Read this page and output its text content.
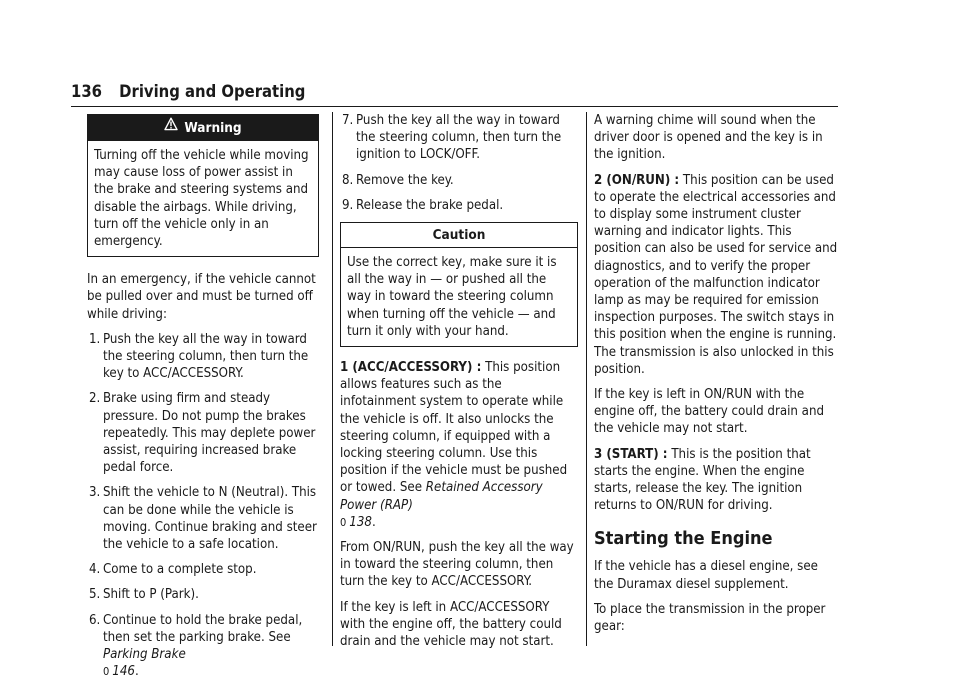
136 Driving and Operating
Warning
Turning off the vehicle while moving may cause loss of power assist in the brake and steering systems and disable the airbags. While driving, turn off the vehicle only in an emergency.

In an emergency, if the vehicle cannot be pulled over and must be turned off while driving:

1. Push the key all the way in toward the steering column, then turn the key to ACC/ACCESSORY.
2. Brake using firm and steady pressure. Do not pump the brakes repeatedly. This may deplete power assist, requiring increased brake pedal force.
3. Shift the vehicle to N (Neutral). This can be done while the vehicle is moving. Continue braking and steer the vehicle to a safe location.
4. Come to a complete stop.
5. Shift to P (Park).
6. Continue to hold the brake pedal, then set the parking brake. See Parking Brake
0 146.
7. Push the key all the way in toward the steering column, then turn the ignition to LOCK/OFF.
8. Remove the key.
9. Release the brake pedal.
Caution
Use the correct key, make sure it is all the way in — or pushed all the way in toward the steering column when turning off the vehicle — and turn it only with your hand.

1 (ACC/ACCESSORY) : This position allows features such as the infotainment system to operate while the vehicle is off. It also unlocks the steering column, if equipped with a locking steering column. Use this position if the vehicle must be pushed or towed. See Retained Accessory Power (RAP)
0 138.

From ON/RUN, push the key all the way in toward the steering column, then turn the key to ACC/ACCESSORY.

If the key is left in ACC/ACCESSORY with the engine off, the battery could drain and the vehicle may not start.

A warning chime will sound when the driver door is opened and the key is in the ignition.

2 (ON/RUN) : This position can be used to operate the electrical accessories and to display some instrument cluster warning and indicator lights. This position can also be used for service and diagnostics, and to verify the proper operation of the malfunction indicator lamp as may be required for emission inspection purposes. The switch stays in this position when the engine is running. The transmission is also unlocked in this position.

If the key is left in ON/RUN with the engine off, the battery could drain and the vehicle may not start.

3 (START) : This is the position that starts the engine. When the engine starts, release the key. The ignition returns to ON/RUN for driving.

Starting the Engine

If the vehicle has a diesel engine, see the Duramax diesel supplement.

To place the transmission in the proper gear:
